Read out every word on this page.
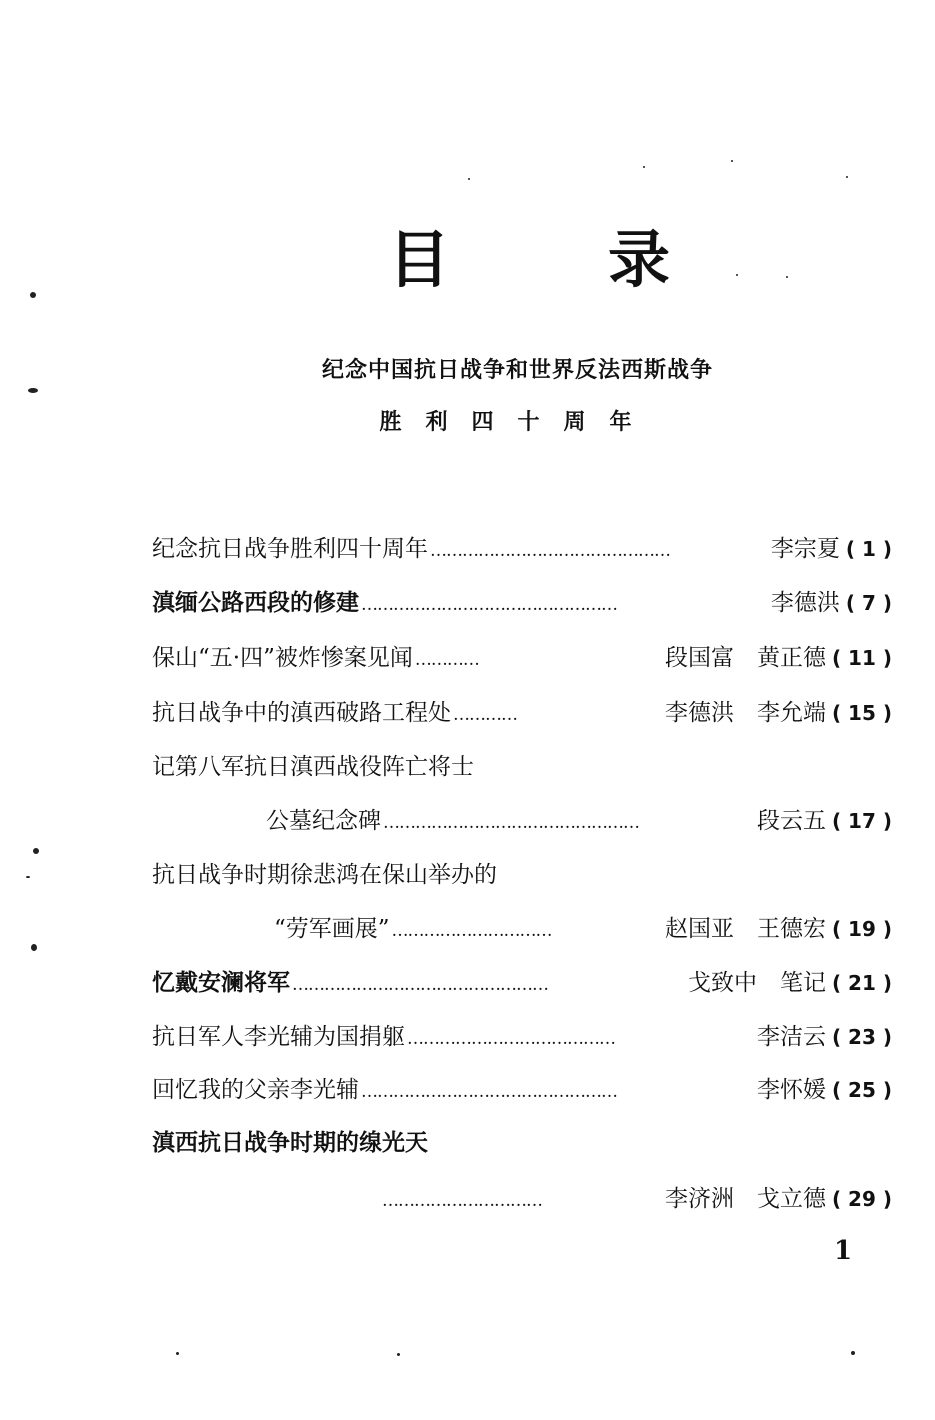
目	录
纪念中国抗日战争和世界反法西斯战争
胜利四十周年
纪念抗日战争胜利四十周年 ………………………………………	李宗夏 ( 1 )
滇缅公路西段的修建 …………………………………………	李德洪 ( 7 )
保山“五·四”被炸惨案见闻 …………	段国富　黄正德 ( 11 )
抗日战争中的滇西破路工程处 …………	李德洪　李允端 ( 15 )
记第八军抗日滇西战役阵亡将士
公墓纪念碑 …………………………………………	段云五 ( 17 )
抗日战争时期徐悲鸿在保山举办的
“劳军画展” …………………………	赵国亚　王德宏 ( 19 )
忆戴安澜将军 …………………………………………	戈致中　笔记 ( 21 )
抗日军人李光辅为国捐躯 …………………………………	李洁云 ( 23 )
回忆我的父亲李光辅 …………………………………………	李怀媛 ( 25 )
滇西抗日战争时期的缐光天
…………………………	李济洲　戈立德 ( 29 )
1
